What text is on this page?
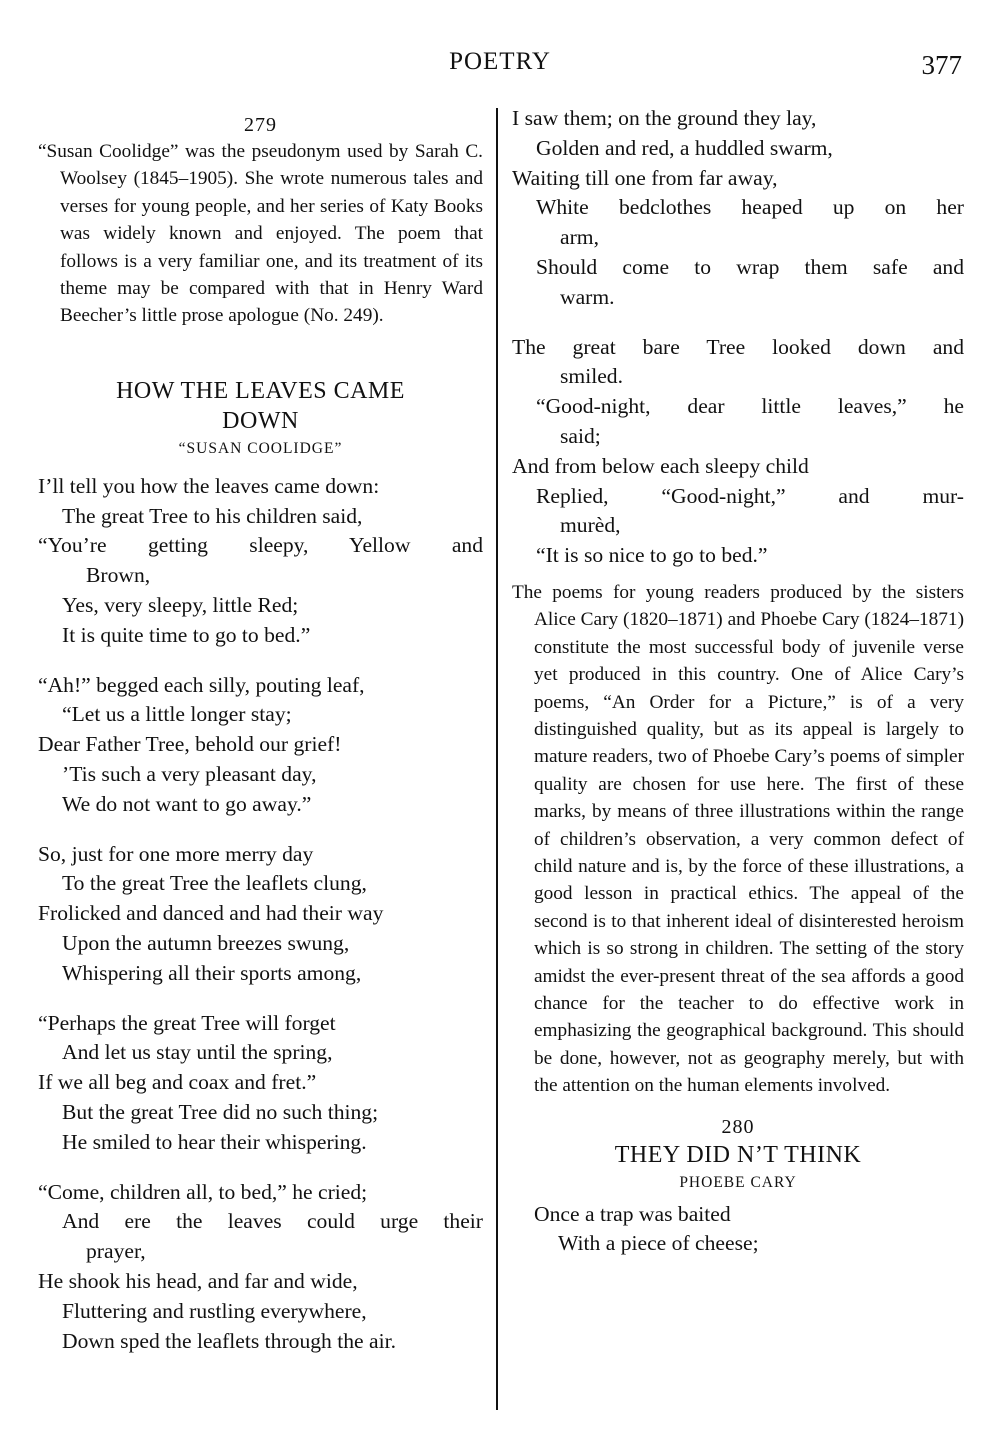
POETRY	377
279

“Susan Coolidge” was the pseudonym used by Sarah C. Woolsey (1845–1905). She wrote numerous tales and verses for young people, and her series of Katy Books was widely known and enjoyed. The poem that follows is a very familiar one, and its treatment of its theme may be compared with that in Henry Ward Beecher’s little prose apologue (No. 249).

HOW THE LEAVES CAME
DOWN
“SUSAN COOLIDGE”
I’ll tell you how the leaves came down:
The great Tree to his children said,
“You’re getting sleepy, Yellow and
Brown,
Yes, very sleepy, little Red;
It is quite time to go to bed.”
“Ah!” begged each silly, pouting leaf,
“Let us a little longer stay;
Dear Father Tree, behold our grief!
’Tis such a very pleasant day,
We do not want to go away.”
So, just for one more merry day
To the great Tree the leaflets clung,
Frolicked and danced and had their way
Upon the autumn breezes swung,
Whispering all their sports among,
“Perhaps the great Tree will forget
And let us stay until the spring,
If we all beg and coax and fret.”
But the great Tree did no such thing;
He smiled to hear their whispering.
“Come, children all, to bed,” he cried;
And ere the leaves could urge their
prayer,
He shook his head, and far and wide,
Fluttering and rustling everywhere,
Down sped the leaflets through the air.
I saw them; on the ground they lay,
Golden and red, a huddled swarm,
Waiting till one from far away,
White bedclothes heaped up on her
arm,
Should come to wrap them safe and
warm.
The great bare Tree looked down and
smiled.
“Good-night, dear little leaves,” he
said;
And from below each sleepy child
Replied, “Good-night,” and mur-
murèd,
“It is so nice to go to bed.”

The poems for young readers produced by the sisters Alice Cary (1820–1871) and Phoebe Cary (1824–1871) constitute the most successful body of juvenile verse yet produced in this country. One of Alice Cary’s poems, “An Order for a Picture,” is of a very distinguished quality, but as its appeal is largely to mature readers, two of Phoebe Cary’s poems of simpler quality are chosen for use here. The first of these marks, by means of three illustrations within the range of children’s observation, a very common defect of child nature and is, by the force of these illustrations, a good lesson in practical ethics. The appeal of the second is to that inherent ideal of disinterested heroism which is so strong in children. The setting of the story amidst the ever-present threat of the sea affords a good chance for the teacher to do effective work in emphasizing the geographical background. This should be done, however, not as geography merely, but with the attention on the human elements involved.

280
THEY DID N’T THINK
PHOEBE CARY
Once a trap was baited
With a piece of cheese;
